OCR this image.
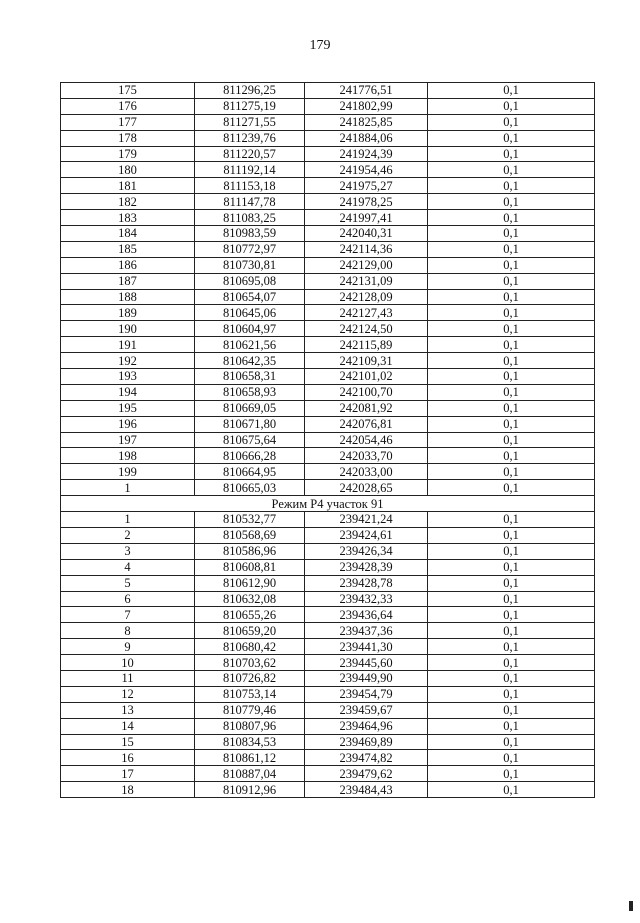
179
175	811296,25	241776,51	0,1
176	811275,19	241802,99	0,1
177	811271,55	241825,85	0,1
178	811239,76	241884,06	0,1
179	811220,57	241924,39	0,1
180	811192,14	241954,46	0,1
181	811153,18	241975,27	0,1
182	811147,78	241978,25	0,1
183	811083,25	241997,41	0,1
184	810983,59	242040,31	0,1
185	810772,97	242114,36	0,1
186	810730,81	242129,00	0,1
187	810695,08	242131,09	0,1
188	810654,07	242128,09	0,1
189	810645,06	242127,43	0,1
190	810604,97	242124,50	0,1
191	810621,56	242115,89	0,1
192	810642,35	242109,31	0,1
193	810658,31	242101,02	0,1
194	810658,93	242100,70	0,1
195	810669,05	242081,92	0,1
196	810671,80	242076,81	0,1
197	810675,64	242054,46	0,1
198	810666,28	242033,70	0,1
199	810664,95	242033,00	0,1
1	810665,03	242028,65	0,1
Режим Р4 участок 91			
1	810532,77	239421,24	0,1
2	810568,69	239424,61	0,1
3	810586,96	239426,34	0,1
4	810608,81	239428,39	0,1
5	810612,90	239428,78	0,1
6	810632,08	239432,33	0,1
7	810655,26	239436,64	0,1
8	810659,20	239437,36	0,1
9	810680,42	239441,30	0,1
10	810703,62	239445,60	0,1
11	810726,82	239449,90	0,1
12	810753,14	239454,79	0,1
13	810779,46	239459,67	0,1
14	810807,96	239464,96	0,1
15	810834,53	239469,89	0,1
16	810861,12	239474,82	0,1
17	810887,04	239479,62	0,1
18	810912,96	239484,43	0,1
